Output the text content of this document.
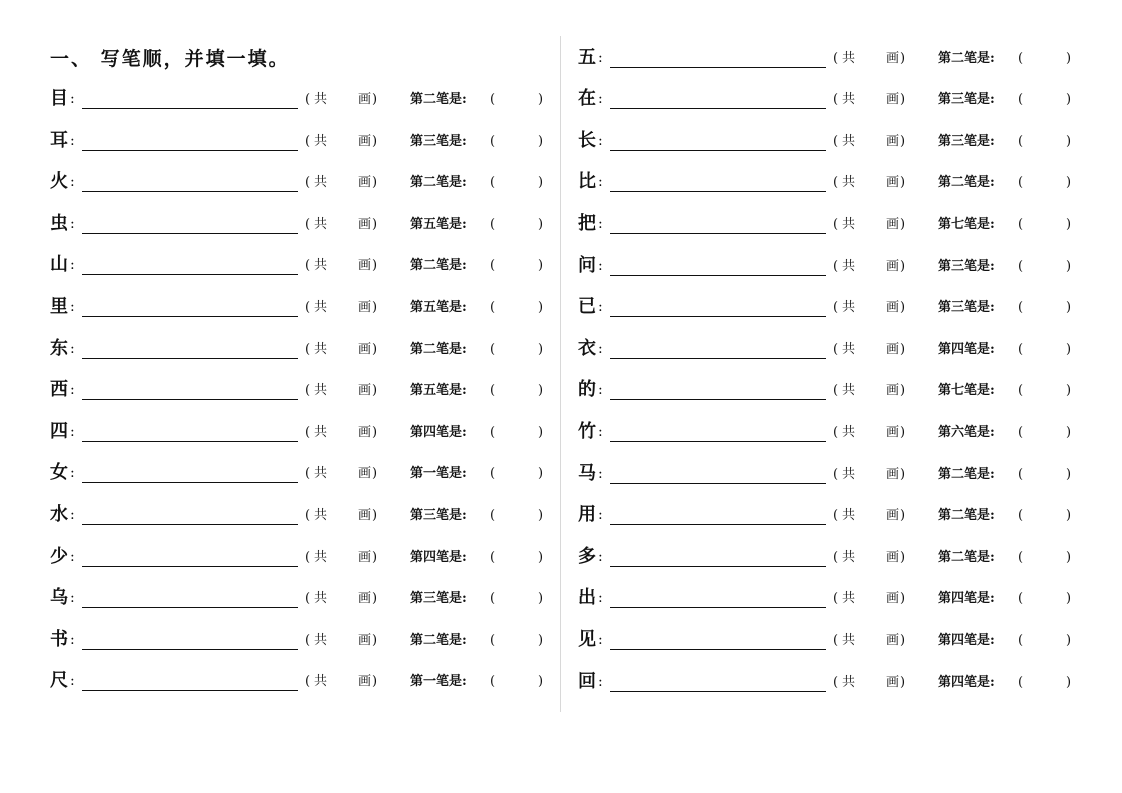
一、 写笔顺，并填一填。
目 :	( 共 画 )	第二笔是: (	)
耳 :	( 共 画 )	第三笔是: (	)
火 :	( 共 画 )	第二笔是: (	)
虫 :	( 共 画 )	第五笔是: (	)
山 :	( 共 画 )	第二笔是: (	)
里 :	( 共 画 )	第五笔是: (	)
东 :	( 共 画 )	第二笔是: (	)
西 :	( 共 画 )	第五笔是: (	)
四 :	( 共 画 )	第四笔是: (	)
女 :	( 共 画 )	第一笔是: (	)
水 :	( 共 画 )	第三笔是: (	)
少 :	( 共 画 )	第四笔是: (	)
乌 :	( 共 画 )	第三笔是: (	)
书 :	( 共 画 )	第二笔是: (	)
尺 :	( 共 画 )	第一笔是: (	)
五 :	( 共 画 )	第二笔是: (	)
在 :	( 共 画 )	第三笔是: (	)
长 :	( 共 画 )	第三笔是: (	)
比 :	( 共 画 )	第二笔是: (	)
把 :	( 共 画 )	第七笔是: (	)
问 :	( 共 画 )	第三笔是: (	)
已 :	( 共 画 )	第三笔是: (	)
衣 :	( 共 画 )	第四笔是: (	)
的 :	( 共 画 )	第七笔是: (	)
竹 :	( 共 画 )	第六笔是: (	)
马 :	( 共 画 )	第二笔是: (	)
用 :	( 共 画 )	第二笔是: (	)
多 :	( 共 画 )	第二笔是: (	)
出 :	( 共 画 )	第四笔是: (	)
见 :	( 共 画 )	第四笔是: (	)
回 :	( 共 画 )	第四笔是: (	)
